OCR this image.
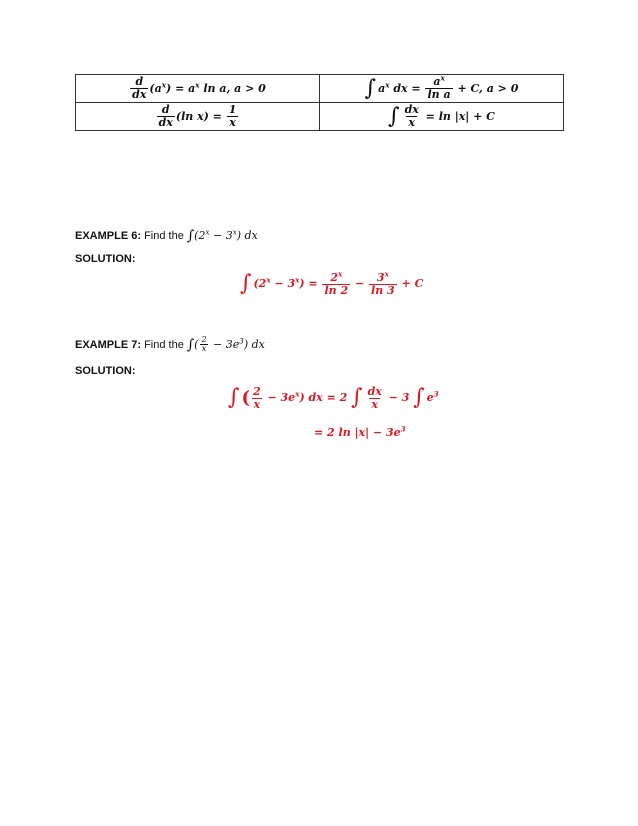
$\frac{d}{dx} (a^x) = a^x$ ln a, a > 0	∫ $a^x$ dx = $\frac{a^x}{\text{ln a}} + C$, a > 0

$\frac{d}{dx} (\ln$ $x) = \frac{1}{x}$	∫ $\frac{dx}{x} = \ln |x| + C$
EXAMPLE 6: Find the $\int(2^x - 3^x)$ dx
SOLUTION:
∫ $(2^x - 3^x) = \frac{2^x}{\ln 2} - \frac{3^x}{\ln 3} + C$
EXAMPLE 7: Find the ∫( $\frac{2}{x} - 3e^3$) dx
SOLUTION:
∫ ( $\frac{2}{x} - 3e^x$) dx = 2 ∫ $\frac{dx}{x} - 3$ ∫ $e^3$
= 2 $\ln |x| - 3e^3$
